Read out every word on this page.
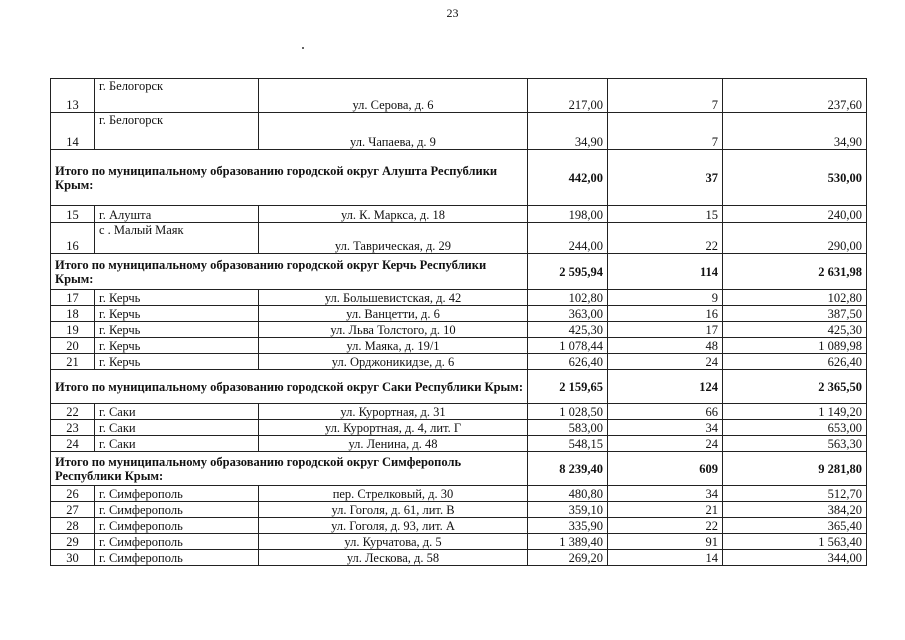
23
13	г. Белогорск	ул. Серова, д. 6	217,00	7	237,60
14	г. Белогорск	ул. Чапаева, д. 9	34,90	7	34,90
Итого по муниципальному образованию городской округ Алушта Республики Крым:			442,00	37	530,00
15	г. Алушта	ул. К. Маркса, д. 18	198,00	15	240,00
16	с . Малый Маяк	ул. Таврическая, д. 29	244,00	22	290,00
Итого по муниципальному образованию городской округ Керчь Республики Крым:			2 595,94	114	2 631,98
17	г. Керчь	ул. Большевистская, д. 42	102,80	9	102,80
18	г. Керчь	ул. Ванцетти, д. 6	363,00	16	387,50
19	г. Керчь	ул. Льва Толстого, д. 10	425,30	17	425,30
20	г. Керчь	ул. Маяка, д. 19/1	1 078,44	48	1 089,98
21	г. Керчь	ул. Орджоникидзе, д. 6	626,40	24	626,40
Итого по муниципальному образованию городской округ Саки Республики Крым:			2 159,65	124	2 365,50
22	г. Саки	ул. Курортная, д. 31	1 028,50	66	1 149,20
23	г. Саки	ул. Курортная, д. 4, лит. Г	583,00	34	653,00
24	г. Саки	ул. Ленина, д. 48	548,15	24	563,30
Итого по муниципальному образованию городской округ Симферополь Республики Крым:			8 239,40	609	9 281,80
26	г. Симферополь	пер. Стрелковый, д. 30	480,80	34	512,70
27	г. Симферополь	ул. Гоголя, д. 61, лит. В	359,10	21	384,20
28	г. Симферополь	ул. Гоголя, д. 93, лит. А	335,90	22	365,40
29	г. Симферополь	ул. Курчатова, д. 5	1 389,40	91	1 563,40
30	г. Симферополь	ул. Лескова, д. 58	269,20	14	344,00
